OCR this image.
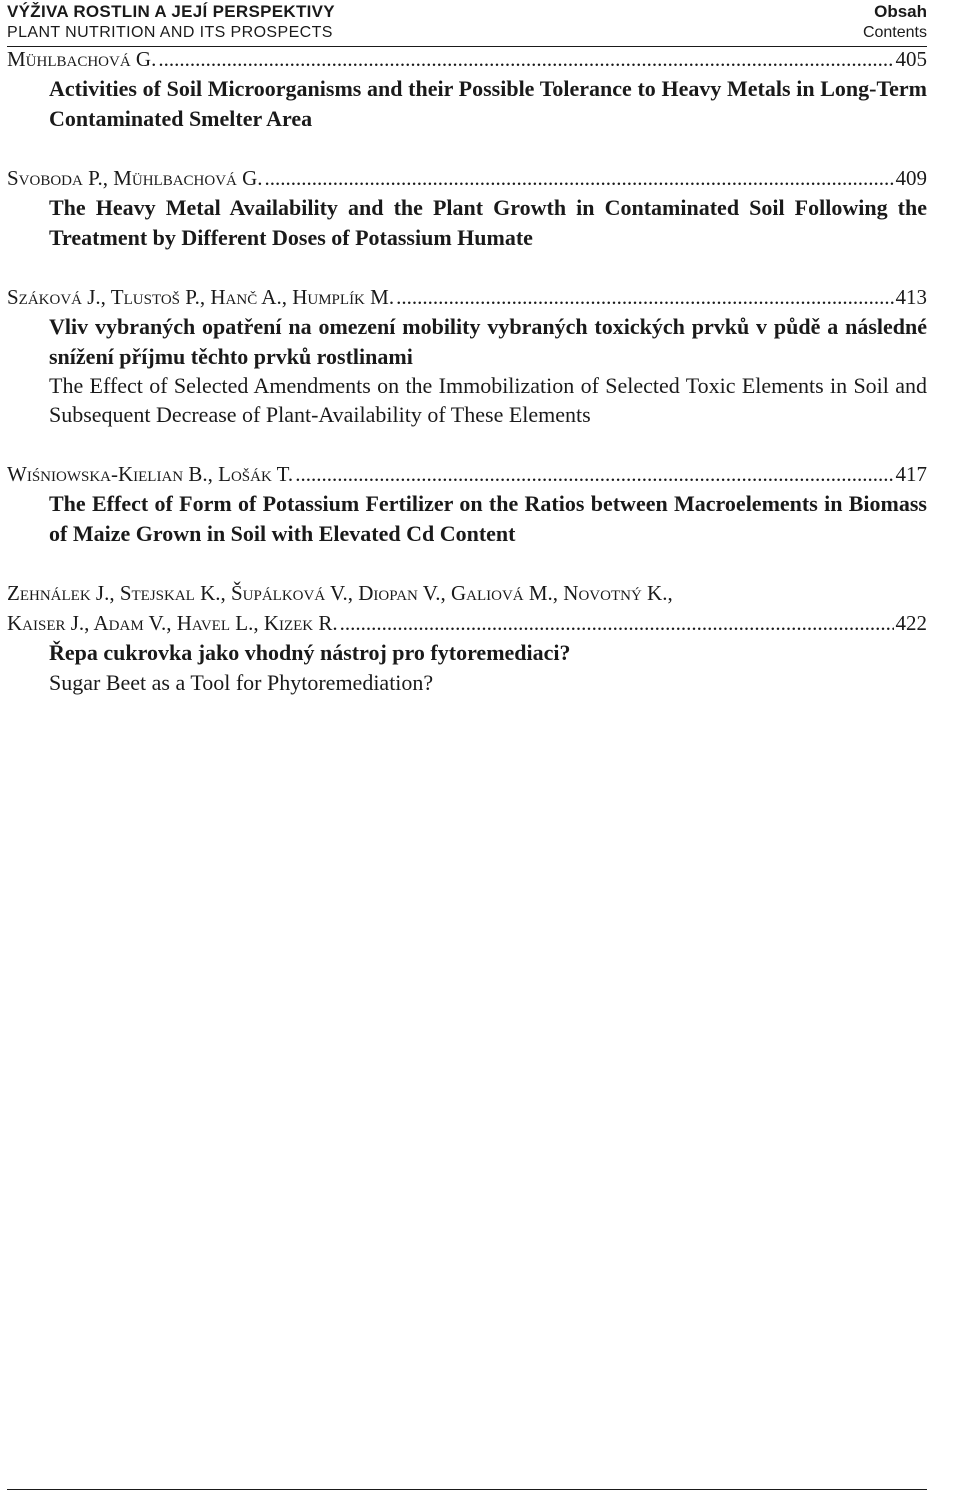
VÝŽIVA ROSTLIN A JEJÍ PERSPEKTIVY
PLANT NUTRITION AND ITS PROSPECTS
Obsah
Contents
Mühlbachová G. .....	405
Activities of Soil Microorganisms and their Possible Tolerance to Heavy Metals in Long-Term Contaminated Smelter Area
Svoboda P., Mühlbachová G. .....	409
The Heavy Metal Availability and the Plant Growth in Contaminated Soil Following the Treatment by Different Doses of Potassium Humate
Száková J., Tlustoš P., Hanč A., Humplík M. .....	413
Vliv vybraných opatření na omezení mobility vybraných toxických prvků v půdě a následné snížení příjmu těchto prvků rostlinami
The Effect of Selected Amendments on the Immobilization of Selected Toxic Elements in Soil and Subsequent Decrease of Plant-Availability of These Elements
Wiśniowska-Kielian B., Lošák T. .....	417
The Effect of Form of Potassium Fertilizer on the Ratios between Macroelements in Biomass of Maize Grown in Soil with Elevated Cd Content
Zehnálek J., Stejskal K., Šupálková V., Diopan V., Galiová M., Novotný K.,
Kaiser J., Adam V., Havel L., Kizek R. .....	422
Řepa cukrovka jako vhodný nástroj pro fytoremediaci?
Sugar Beet as a Tool for Phytoremediation?
